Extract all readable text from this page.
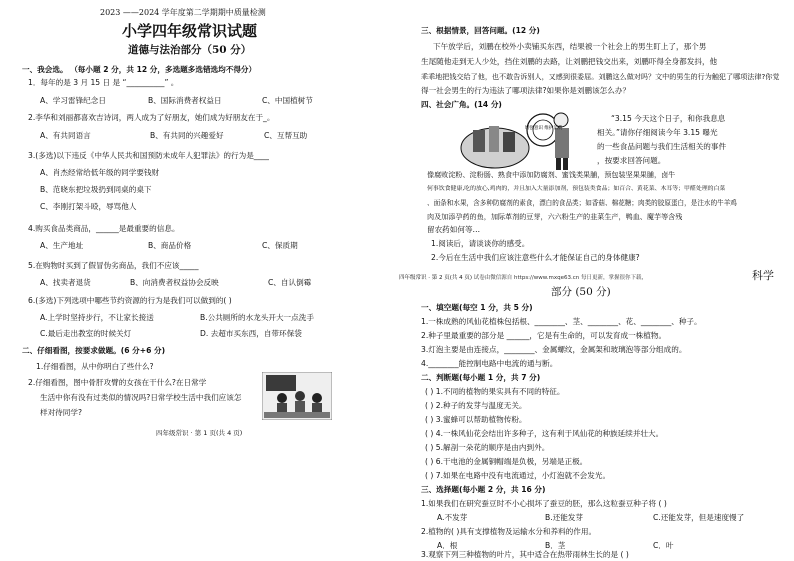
2023 ——2024 学年度第二学期期中质量检测
小学四年级常识试题
道德与法治部分（50 分）
一、我会选。 （每小题 2 分，共 12 分，多选题多选错选均不得分）
1．每年的是 3 月 15 日 是 “__________” 。
A、学习雷锋纪念日	B、国际消费者权益日	C、中国植树节
2.李华和刘丽都喜欢吉诗词，两人成为了好朋友，她们成为好朋友在于_。
A、有共同语言	B、有共同的兴趣爱好	C、互帮互助
3.(多选)以下违反《中华人民共和国预防未成年人犯罪法》的行为是____
A、肖杰经常给低年级的同学要钱财
B、范晓东把垃圾扔到同桌的桌下
C、李刚打架斗殴，辱骂他人
4.购买食品类商品，______是最重要的信息。
A、生产地址	B、商品价格	C、保质期
5.在购物时买到了假冒伪劣商品，我们不应该_____
A、找卖者退货	B、向消费者权益协会反映	C、自认倒霉
6.(多选)下列选项中哪些节约资源的行为是我们可以做到的( )
A.上学时坚持步行，不让家长接送	B.公共厕所的水龙头开大一点洗手
C.最后走出教室的时候关灯	D. 去超市买东西，自带环保袋
二、仔细看图，按要求做题。(6 分+6 分)
1.仔细看图，从中你明白了些什么?
2.仔细看图，图中骨肝攻臂的女孩在干什么?在日常学
生活中你有没有过类似的情况吗?日常学校生活中我们应该怎
样对待同学?
四年级常识 · 第 1 页(共 4 页)
三、根据情景，回答问题。(12 分)
下午放学后，刘鹏在校外小卖铺买东西，结果被一个社会上的男生盯上了，那个男
生尾随他走到无人少处，挡住刘鹏的去路，让刘鹏把钱交出来，刘鹏吓得全身都发抖，他
乖乖地把钱交给了他，也不敢告诉别人，又感到很委屈。刘鹏这么做对吗？文中的男生的行为触犯了哪项法律?你觉
得一社会男生的行为违法了哪项法律?如果你是刘鹏该怎么办？
四、社会广角。(14 分)
增强意识 维护消费
“3.15 今天这个日子，和你我息息
相关。”请你仔细阅读今年 3.15 曝光
的一些食品问题与我们生活相关的事件
，按要求回答问题。
像腐败淀粉、淀粉肠、熟食中添加防腐剂、蜜饯类果脯，预包装坚果果脯，卤牛
何事饮食健康,吃的放心,鸡肉的，并且加入大量添加剂，预包装类食品；如百合、黄花菜、木耳等；甲醛处理的白菜
、面条和水果，含多种防腐剂的素食，漂白的食品类；如香菇、棉花糖；肉类的胶原蛋白，是注水的牛羊鸡
肉及加添孕药的鱼，加际革剂的豆芽，六六粉生产的韭菜生产，鸭血、魔芋等含残
留农药如何等…
1.阅读后，请谈谈你的感受。
2.今后在生活中我们应该注意些什么才能保证自己的身体健康?
四年级常识 · 第 2 页(共 4 页) 试卷由微信源自 https://www.mxqe63.cn 每日更新，掌握很你下载，	科学
部分 (50 分)
一、填空题(每空 1 分，共 5 分)
1.一株成熟的风仙花植株包括根、________、茎、________、花、________、种子。
2.种子里最重要的部分是 ______，它是有生命的，可以发育成一株植物。
3.灯泡主要是由连接点，________、金属螺纹，金属架和玻璃泡等部分组成的。
4.________能控制电路中电流的通与断。
二、判断题(每小题 1 分，共 7 分)
( ) 1.不同的植物的果实具有不同的特征。
( ) 2.种子的发芽与温度无关。
( ) 3.蜜蜂可以帮助植物传粉。
( ) 4.一株风仙花会结出许多种子，这有利于风仙花的种族延续并壮大。
( ) 5.解剖一朵花的顺序是由内到外。
( ) 6.干电池的金属铜帽端是负极，另端是正极。
( ) 7.如果在电路中没有电流通过，小灯泡就不会发光。
三、选择题(每小题 2 分，共 16 分)
1.如果我们在研究蚕豆时不小心损坏了蚕豆的胚，那么这粒蚕豆种子将 ( )
A.不发芽	B.还能发芽	C.还能发芽，但是速度慢了
2.植物的( )具有支撑植物及运输水分和养料的作用。
A．根	B．茎	C．叶
3.观察下列三种植物的叶片，其中适合在热带雨林生长的是 ( )
